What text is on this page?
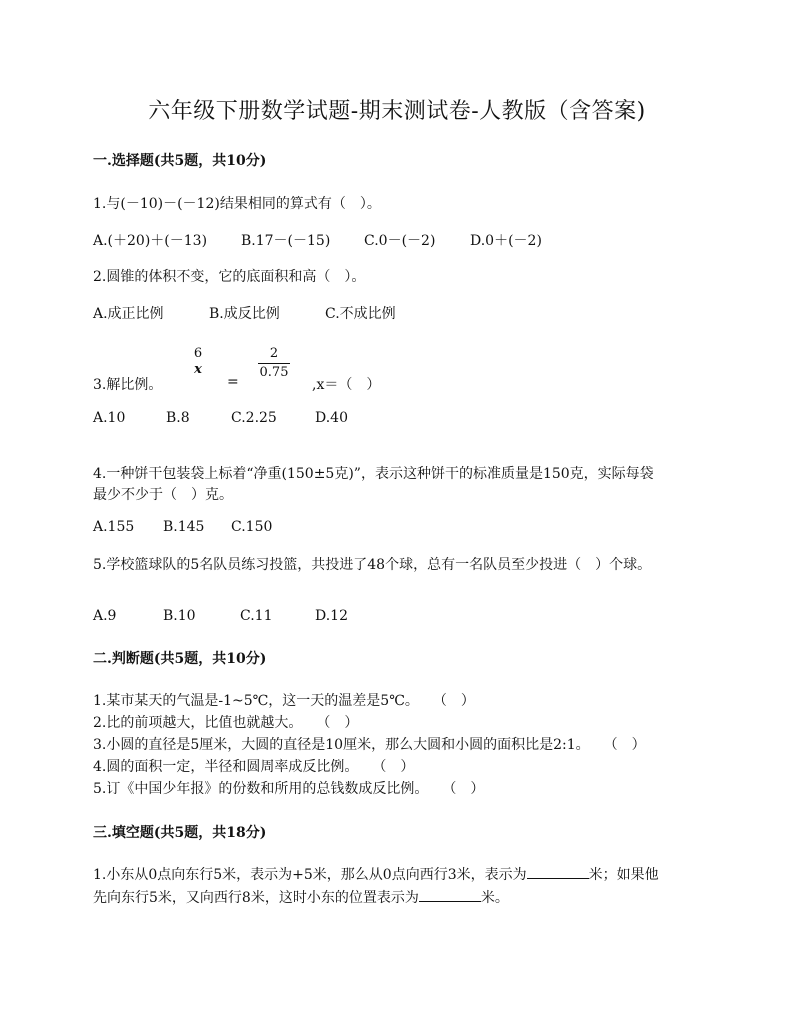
六年级下册数学试题-期末测试卷-人教版（含答案)
一.选择题(共5题，共10分)
1.与(－10)－(－12)结果相同的算式有（　）。
A.(＋20)＋(－13) B.17－(－15) C.0－(－2) D.0＋(－2)
2.圆锥的体积不变，它的底面积和高（　）。
A.成正比例	B.成反比例	C.不成比例
3.解比例。
6
x
=
2
0.75
,x＝（　）
A.10	B.8	C.2.25	D.40
4.一种饼干包装袋上标着“净重(150±5克)”，表示这种饼干的标准质量是150克，实际每袋
最少不少于（　）克。
A.155 B.145 C.150
5.学校篮球队的5名队员练习投篮，共投进了48个球，总有一名队员至少投进（　）个球。
A.9	B.10	C.11	D.12
二.判断题(共5题，共10分)
1.某市某天的气温是-1~5℃，这一天的温差是5℃。　　（　）
2.比的前项越大，比值也就越大。　　（　）
3.小圆的直径是5厘米，大圆的直径是10厘米，那么大圆和小圆的面积比是2:1。　　（　）
4.圆的面积一定，半径和圆周率成反比例。　　（　）
5.订《中国少年报》的份数和所用的总钱数成反比例。　　（　）
三.填空题(共5题，共18分)
1.小东从0点向东行5米，表示为+5米，那么从0点向西行3米，表示为	米；如果他
先向东行5米，又向西行8米，这时小东的位置表示为	米。
